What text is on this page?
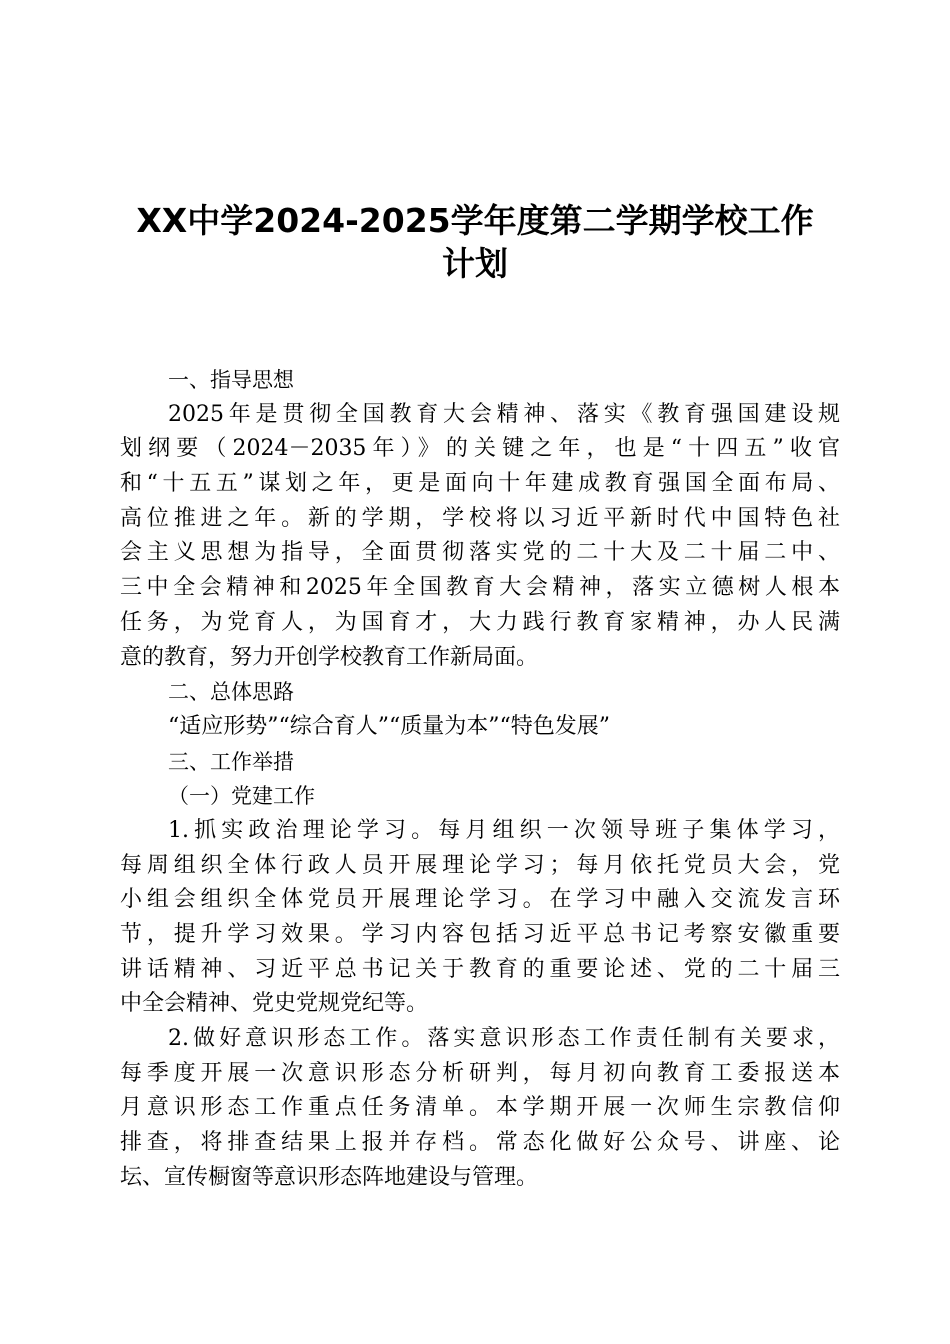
XX中学2024-2025学年度第二学期学校工作
计划
一、指导思想
2025年是贯彻全国教育大会精神、落实《教育强国建设规
划纲要（2024－2035年）》的关键之年，也是“十四五”收官
和“十五五”谋划之年，更是面向十年建成教育强国全面布局、
高位推进之年。新的学期，学校将以习近平新时代中国特色社
会主义思想为指导，全面贯彻落实党的二十大及二十届二中、
三中全会精神和2025年全国教育大会精神，落实立德树人根本
任务，为党育人，为国育才，大力践行教育家精神，办人民满
意的教育，努力开创学校教育工作新局面。
二、总体思路
“适应形势”“综合育人”“质量为本”“特色发展”
三、工作举措
（一）党建工作
1.抓实政治理论学习。每月组织一次领导班子集体学习，
每周组织全体行政人员开展理论学习；每月依托党员大会，党
小组会组织全体党员开展理论学习。在学习中融入交流发言环
节，提升学习效果。学习内容包括习近平总书记考察安徽重要
讲话精神、习近平总书记关于教育的重要论述、党的二十届三
中全会精神、党史党规党纪等。
2.做好意识形态工作。落实意识形态工作责任制有关要求，
每季度开展一次意识形态分析研判，每月初向教育工委报送本
月意识形态工作重点任务清单。本学期开展一次师生宗教信仰
排查，将排查结果上报并存档。常态化做好公众号、讲座、论
坛、宣传橱窗等意识形态阵地建设与管理。
